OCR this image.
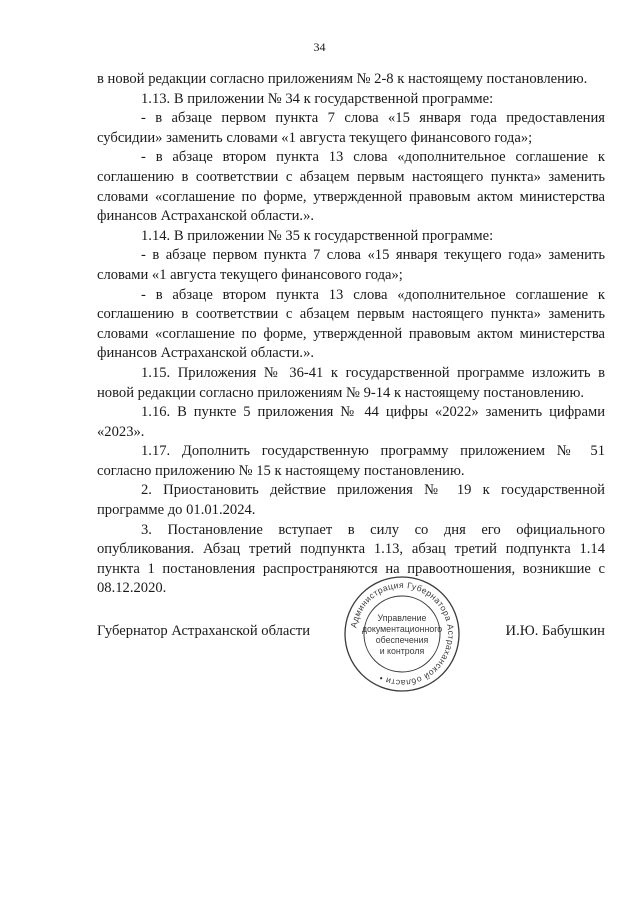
34

в новой редакции согласно приложениям № 2-8 к настоящему постановлению.

1.13. В приложении № 34 к государственной программе:

- в абзаце первом пункта 7 слова «15 января года предоставления субсидии» заменить словами «1 августа текущего финансового года»;

- в абзаце втором пункта 13 слова «дополнительное соглашение к соглашению в соответствии с абзацем первым настоящего пункта» заменить словами «соглашение по форме, утвержденной правовым актом министерства финансов Астраханской области.».

1.14. В приложении № 35 к государственной программе:

- в абзаце первом пункта 7 слова «15 января текущего года» заменить словами «1 августа текущего финансового года»;

- в абзаце втором пункта 13 слова «дополнительное соглашение к соглашению в соответствии с абзацем первым настоящего пункта» заменить словами «соглашение по форме, утвержденной правовым актом министерства финансов Астраханской области.».

1.15. Приложения № 36-41 к государственной программе изложить в новой редакции согласно приложениям № 9-14 к настоящему постановлению.

1.16. В пункте 5 приложения № 44 цифры «2022» заменить цифрами «2023».

1.17. Дополнить государственную программу приложением № 51 согласно приложению № 15 к настоящему постановлению.

2. Приостановить действие приложения № 19 к государственной программе до 01.01.2024.

3. Постановление вступает в силу со дня его официального опубликования. Абзац третий подпункта 1.13, абзац третий подпункта 1.14 пункта 1 постановления распространяются на правоотношения, возникшие с 08.12.2020.

Губернатор Астраханской области	И.Ю. Бабушкин
Администрация Губернатора Астраханской области •
Управление
документационного
обеспечения
и контроля
